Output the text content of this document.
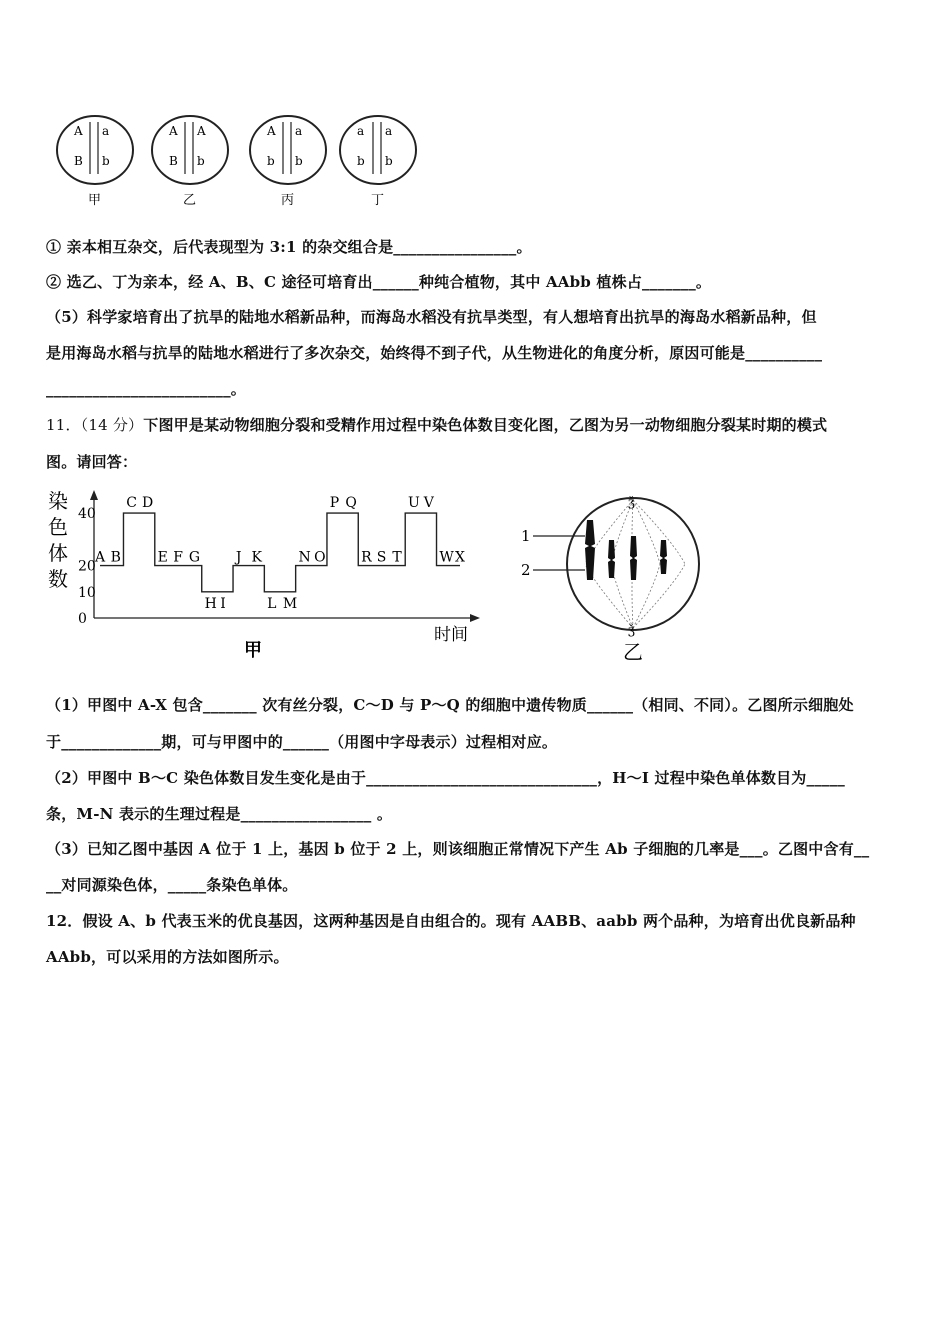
A a
B b
甲
A A
B b
乙
A a
b b
丙
a a
b b
丁
① 亲本相互杂交，后代表现型为 3:1 的杂交组合是________________。
② 选乙、丁为亲本，经 A、B、C 途径可培育出______种纯合植物，其中 AAbb 植株占_______。
（5）科学家培育出了抗旱的陆地水稻新品种，而海岛水稻没有抗旱类型，有人想培育出抗旱的海岛水稻新品种，但
是用海岛水稻与抗旱的陆地水稻进行了多次杂交，始终得不到子代，从生物进化的角度分析，原因可能是__________
________________________。
11．（14 分）下图甲是某动物细胞分裂和受精作用过程中染色体数目变化图，乙图为另一动物细胞分裂某时期的模式
图。请回答：
染
色
体
数
0
10
20
40
A B
C D
E F G
H I
J K
L M
N O
P Q
R S T
U V
W X
时间
甲
ǯ
ǯ
1
2
乙
（1）甲图中 A-X 包含_______ 次有丝分裂，C～D 与 P～Q 的细胞中遗传物质______（相同、不同）。乙图所示细胞处
于_____________期，可与甲图中的______（用图中字母表示）过程相对应。
（2）甲图中 B～C 染色体数目发生变化是由于______________________________，H～I 过程中染色单体数目为_____
条，M-N 表示的生理过程是_________________ 。
（3）已知乙图中基因 A 位于 1 上，基因 b 位于 2 上，则该细胞正常情况下产生 Ab 子细胞的几率是___。乙图中含有__
__对同源染色体，_____条染色单体。
12．假设 A、b 代表玉米的优良基因，这两种基因是自由组合的。现有 AABB、aabb 两个品种，为培育出优良新品种
AAbb，可以采用的方法如图所示。
